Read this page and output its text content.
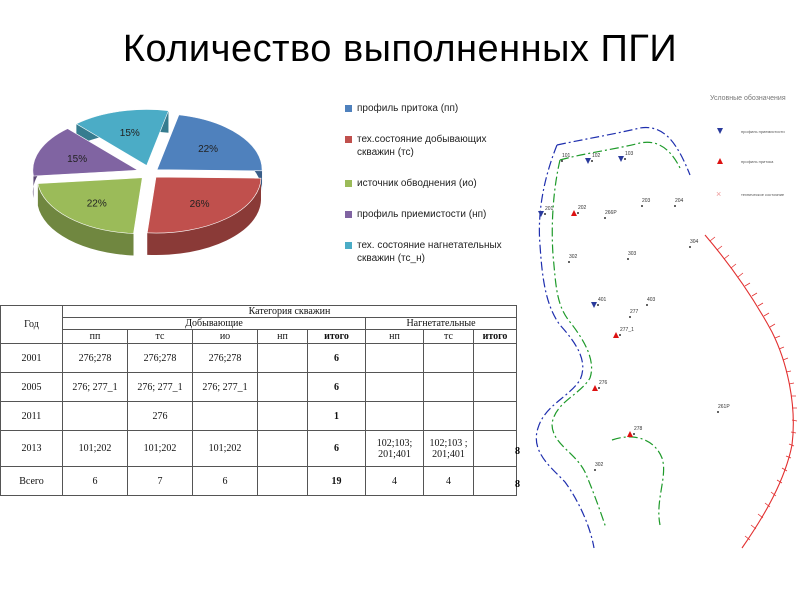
Количество выполненных ПГИ
22%
26%
22%
15%
15%
профиль притока (пп)
тех.состояние добывающих скважин (тс)
источник обводнения (ио)
профиль приемистости (нп)
тех. состояние нагнетательных скважин (тс_н)
Год	Категория скважин							
	Добывающие					Нагнетательные		
	пп	тс	ио	нп	итого	нп	тс	итого
2001	276;278	276;278	276;278		6			
2005	276; 277_1	276; 277_1	276; 277_1		6			
2011		276			1			
2013	101;202	101;202	101;202		6	102;103; 201;401	102;103 ; 201;401	
Всего	6	7	6		19	4	4	
8
8
Условные обозначения
профиль приемистости
профиль притока
×	техническое состояние
101	102	103
201	202
266Р
203	204
302	303
304
401
277
403
277_1
276
261Р
278
302
